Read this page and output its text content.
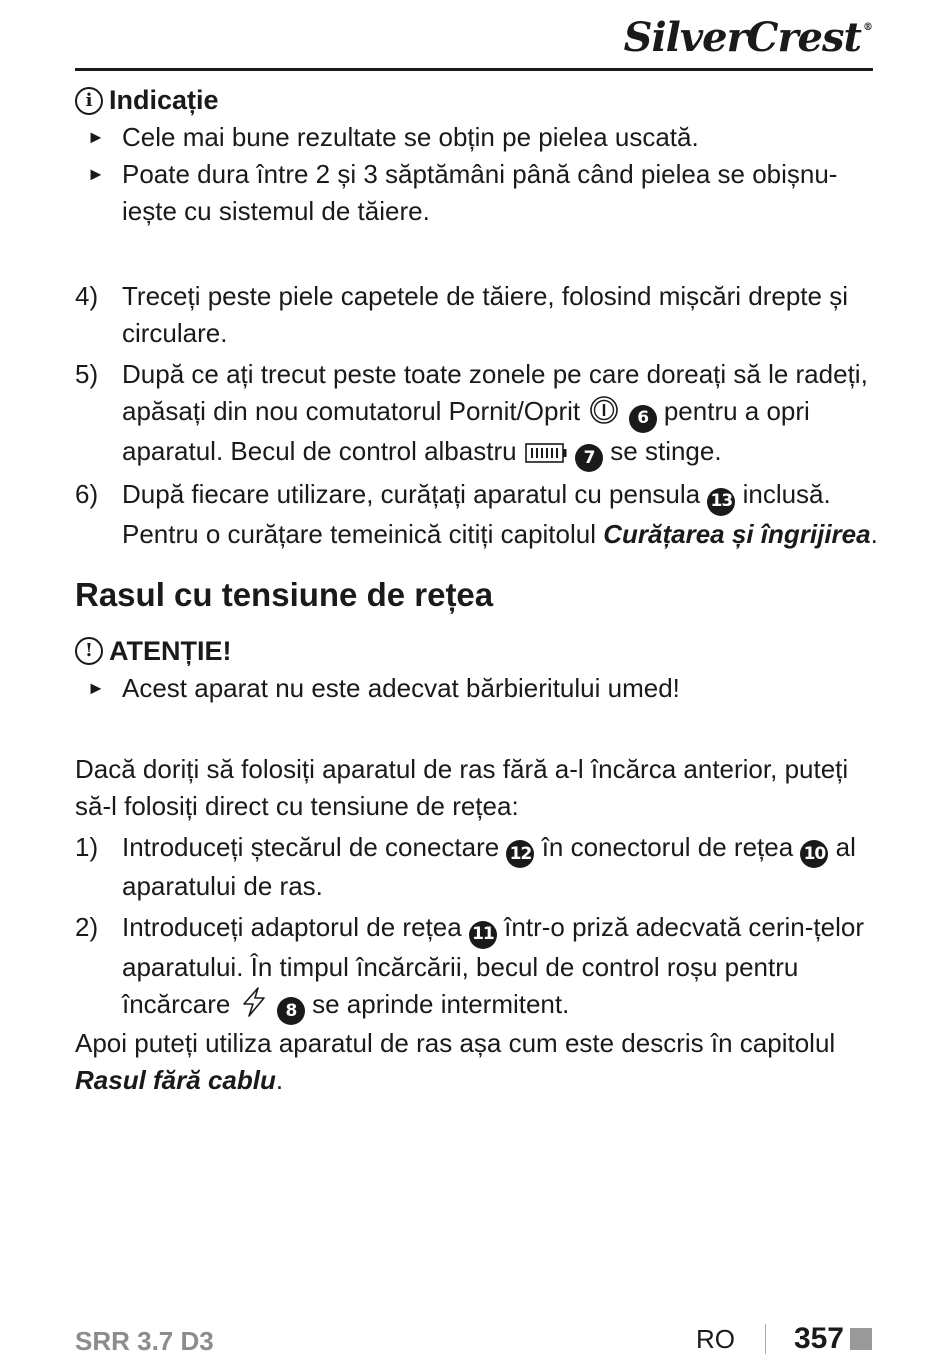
SilverCrest ®
i Indicație
► Cele mai bune rezultate se obțin pe pielea uscată.
► Poate dura între 2 și 3 săptămâni până când pielea se obișnu-iește cu sistemul de tăiere.
4) Treceți peste piele capetele de tăiere, folosind mișcări drepte și circulare.
5) După ce ați trecut peste toate zonele pe care doreați să le radeți, apăsați din nou comutatorul Pornit/Oprit	6 pentru a opri aparatul. Becul de control albastru	7 se stinge.
6) După fiecare utilizare, curățați aparatul cu pensula 13 inclusă. Pentru o curățare temeinică citiți capitolul Curățarea și îngrijirea.
Rasul cu tensiune de rețea
! ATENȚIE!
► Acest aparat nu este adecvat bărbieritului umed!
Dacă doriți să folosiți aparatul de ras fără a-l încărca anterior, puteți să-l folosiți direct cu tensiune de rețea:
1) Introduceți ștecărul de conectare 12 în conectorul de rețea 10 al aparatului de ras.
2) Introduceți adaptorul de rețea 11 într-o priză adecvată cerin-țelor aparatului. În timpul încărcării, becul de control roșu pentru încărcare	8 se aprinde intermitent.
Apoi puteți utiliza aparatul de ras așa cum este descris în capitolul Rasul fără cablu.
SRR 3.7 D3	RO 357
